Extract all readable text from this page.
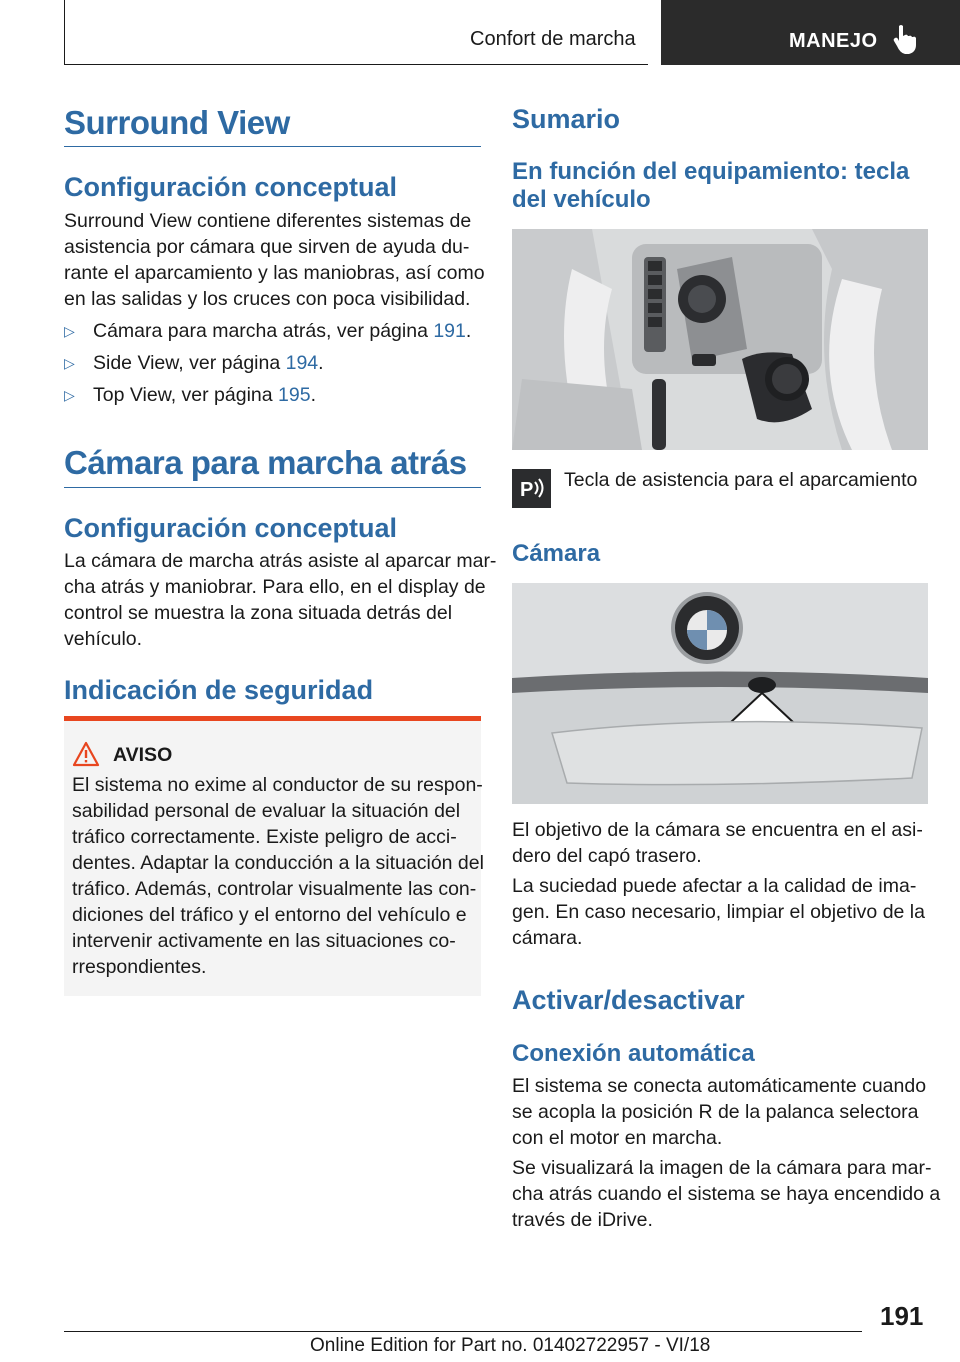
Confort de marcha	MANEJO
Surround View
Configuración conceptual
Surround View contiene diferentes sistemas de
asistencia por cámara que sirven de ayuda du-
rante el aparcamiento y las maniobras, así como
en las salidas y los cruces con poca visibilidad.
▷ Cámara para marcha atrás, ver página 191.
▷ Side View, ver página 194.
▷ Top View, ver página 195.
Cámara para marcha atrás
Configuración conceptual
La cámara de marcha atrás asiste al aparcar mar-
cha atrás y maniobrar. Para ello, en el display de
control se muestra la zona situada detrás del
vehículo.
Indicación de seguridad
AVISO
El sistema no exime al conductor de su respon-
sabilidad personal de evaluar la situación del
tráfico correctamente. Existe peligro de acci-
dentes. Adaptar la conducción a la situación del
tráfico. Además, controlar visualmente las con-
diciones del tráfico y el entorno del vehículo e
intervenir activamente en las situaciones co-
rrespondientes.
Sumario
En función del equipamiento: tecla
del vehículo
P Tecla de asistencia para el aparcamiento
Cámara
El objetivo de la cámara se encuentra en el asi-
dero del capó trasero.
La suciedad puede afectar a la calidad de ima-
gen. En caso necesario, limpiar el objetivo de la
cámara.
Activar/desactivar
Conexión automática
El sistema se conecta automáticamente cuando
se acopla la posición R de la palanca selectora
con el motor en marcha.
Se visualizará la imagen de la cámara para mar-
cha atrás cuando el sistema se haya encendido a
través de iDrive.
191
Online Edition for Part no. 01402722957 - VI/18
